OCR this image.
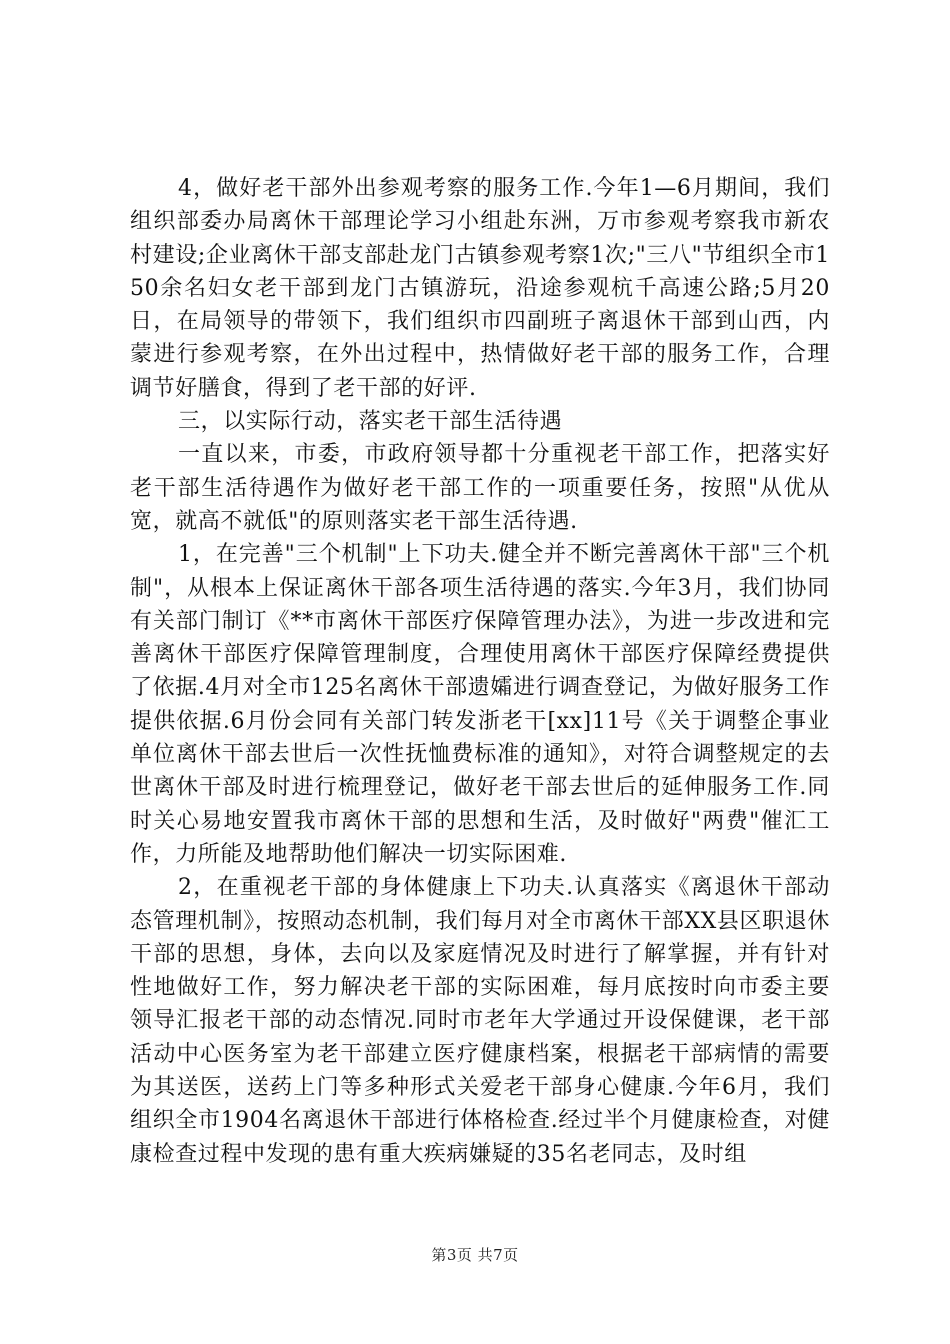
4，做好老干部外出参观考察的服务工作.今年1—6月期间，我们组织部委办局离休干部理论学习小组赴东洲，万市参观考察我市新农村建设;企业离休干部支部赴龙门古镇参观考察1次;"三八"节组织全市150余名妇女老干部到龙门古镇游玩，沿途参观杭千高速公路;5月20日，在局领导的带领下，我们组织市四副班子离退休干部到山西，内蒙进行参观考察，在外出过程中，热情做好老干部的服务工作，合理调节好膳食，得到了老干部的好评.

三，以实际行动，落实老干部生活待遇

一直以来，市委，市政府领导都十分重视老干部工作，把落实好老干部生活待遇作为做好老干部工作的一项重要任务，按照"从优从宽，就高不就低"的原则落实老干部生活待遇.

1，在完善"三个机制"上下功夫.健全并不断完善离休干部"三个机制"，从根本上保证离休干部各项生活待遇的落实.今年3月，我们协同有关部门制订《**市离休干部医疗保障管理办法》，为进一步改进和完善离休干部医疗保障管理制度，合理使用离休干部医疗保障经费提供了依据.4月对全市125名离休干部遗孀进行调查登记，为做好服务工作提供依据.6月份会同有关部门转发浙老干[xx]11号《关于调整企事业单位离休干部去世后一次性抚恤费标准的通知》，对符合调整规定的去世离休干部及时进行梳理登记，做好老干部去世后的延伸服务工作.同时关心易地安置我市离休干部的思想和生活，及时做好"两费"催汇工作，力所能及地帮助他们解决一切实际困难.

2，在重视老干部的身体健康上下功夫.认真落实《离退休干部动态管理机制》，按照动态机制，我们每月对全市离休干部XX县区职退休干部的思想，身体，去向以及家庭情况及时进行了解掌握，并有针对性地做好工作，努力解决老干部的实际困难，每月底按时向市委主要领导汇报老干部的动态情况.同时市老年大学通过开设保健课，老干部活动中心医务室为老干部建立医疗健康档案，根据老干部病情的需要为其送医，送药上门等多种形式关爱老干部身心健康.今年6月，我们组织全市1904名离退休干部进行体格检查.经过半个月健康检查，对健康检查过程中发现的患有重大疾病嫌疑的35名老同志，及时组

第3页 共7页
